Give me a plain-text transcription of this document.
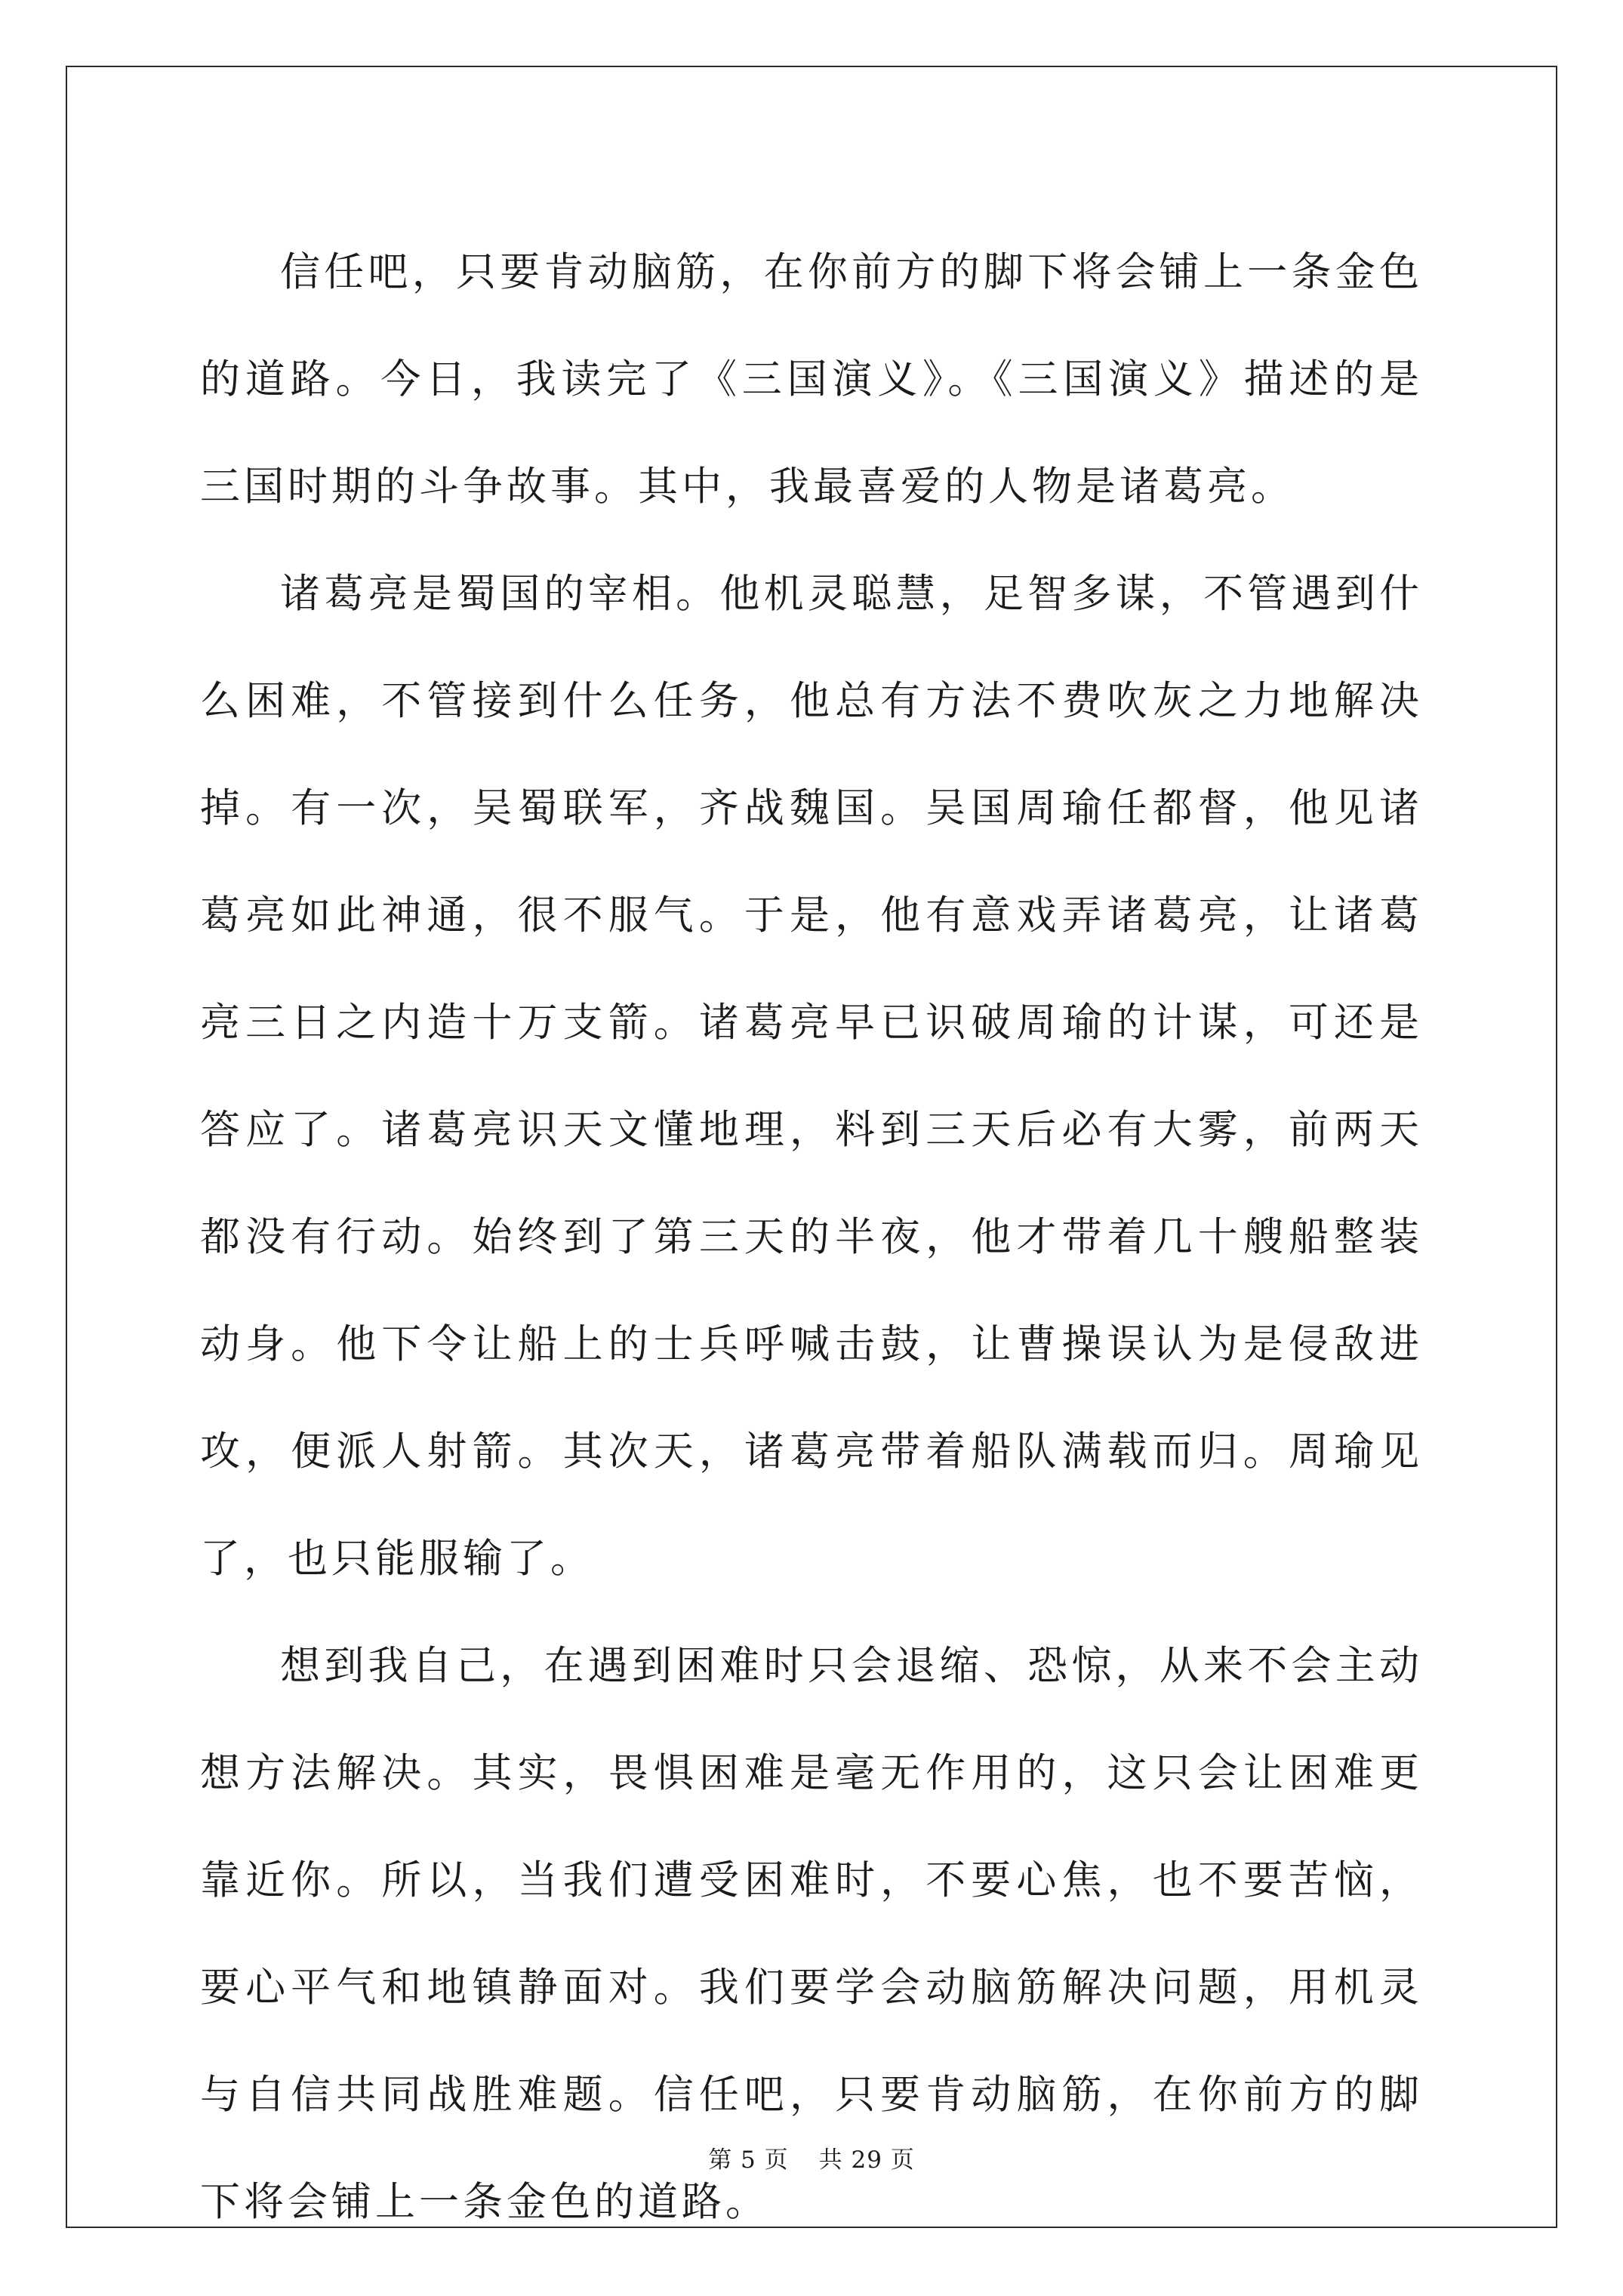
信任吧，只要肯动脑筋，在你前方的脚下将会铺上一条金色的道路。今日，我读完了《三国演义》。《三国演义》描述的是三国时期的斗争故事。其中，我最喜爱的人物是诸葛亮。

诸葛亮是蜀国的宰相。他机灵聪慧，足智多谋，不管遇到什么困难，不管接到什么任务，他总有方法不费吹灰之力地解决掉。有一次，吴蜀联军，齐战魏国。吴国周瑜任都督，他见诸葛亮如此神通，很不服气。于是，他有意戏弄诸葛亮，让诸葛亮三日之内造十万支箭。诸葛亮早已识破周瑜的计谋，可还是答应了。诸葛亮识天文懂地理，料到三天后必有大雾，前两天都没有行动。始终到了第三天的半夜，他才带着几十艘船整装动身。他下令让船上的士兵呼喊击鼓，让曹操误认为是侵敌进攻，便派人射箭。其次天，诸葛亮带着船队满载而归。周瑜见了，也只能服输了。

想到我自己，在遇到困难时只会退缩、恐惊，从来不会主动想方法解决。其实，畏惧困难是毫无作用的，这只会让困难更靠近你。所以，当我们遭受困难时，不要心焦，也不要苦恼，要心平气和地镇静面对。我们要学会动脑筋解决问题，用机灵与自信共同战胜难题。信任吧，只要肯动脑筋，在你前方的脚下将会铺上一条金色的道路。

第 5 页 共 29 页
